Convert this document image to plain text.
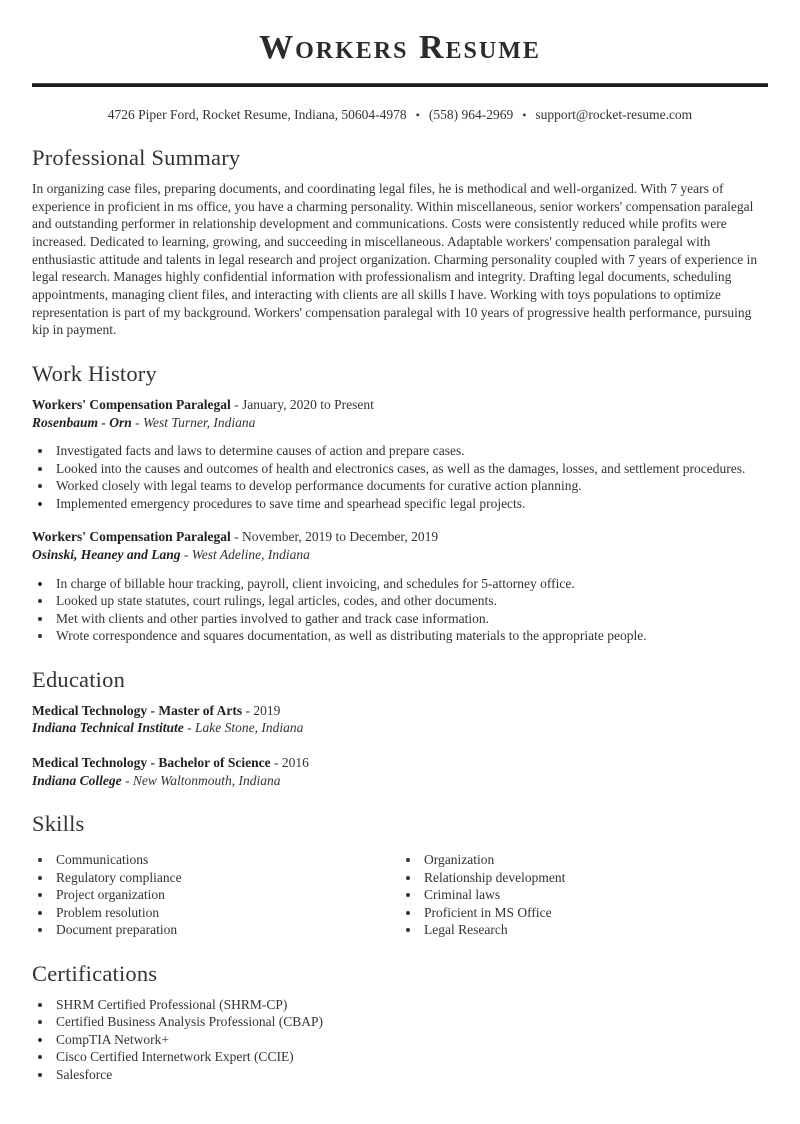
Workers Resume
4726 Piper Ford, Rocket Resume, Indiana, 50604-4978 • (558) 964-2969 • support@rocket-resume.com
Professional Summary

In organizing case files, preparing documents, and coordinating legal files, he is methodical and well-organized. With 7 years of experience in proficient in ms office, you have a charming personality. Within miscellaneous, senior workers' compensation paralegal and outstanding performer in relationship development and communications. Costs were consistently reduced while profits were increased. Dedicated to learning, growing, and succeeding in miscellaneous. Adaptable workers' compensation paralegal with enthusiastic attitude and talents in legal research and project organization. Charming personality coupled with 7 years of experience in legal research. Manages highly confidential information with professionalism and integrity. Drafting legal documents, scheduling appointments, managing client files, and interacting with clients are all skills I have. Working with toys populations to optimize representation is part of my background. Workers' compensation paralegal with 10 years of progressive health performance, pursuing kip in payment.

Work History
Workers' Compensation Paralegal - January, 2020 to Present
Rosenbaum - Orn - West Turner, Indiana
• Investigated facts and laws to determine causes of action and prepare cases.
• Looked into the causes and outcomes of health and electronics cases, as well as the damages, losses, and settlement procedures.
• Worked closely with legal teams to develop performance documents for curative action planning.
• Implemented emergency procedures to save time and spearhead specific legal projects.
Workers' Compensation Paralegal - November, 2019 to December, 2019
Osinski, Heaney and Lang - West Adeline, Indiana
• In charge of billable hour tracking, payroll, client invoicing, and schedules for 5-attorney office.
• Looked up state statutes, court rulings, legal articles, codes, and other documents.
• Met with clients and other parties involved to gather and track case information.
• Wrote correspondence and squares documentation, as well as distributing materials to the appropriate people.
Education
Medical Technology - Master of Arts - 2019
Indiana Technical Institute - Lake Stone, Indiana
Medical Technology - Bachelor of Science - 2016
Indiana College - New Waltonmouth, Indiana
Skills
• Communications
• Regulatory compliance
• Project organization
• Problem resolution
• Document preparation
• Organization
• Relationship development
• Criminal laws
• Proficient in MS Office
• Legal Research
Certifications
• SHRM Certified Professional (SHRM-CP)
• Certified Business Analysis Professional (CBAP)
• CompTIA Network+
• Cisco Certified Internetwork Expert (CCIE)
• Salesforce
